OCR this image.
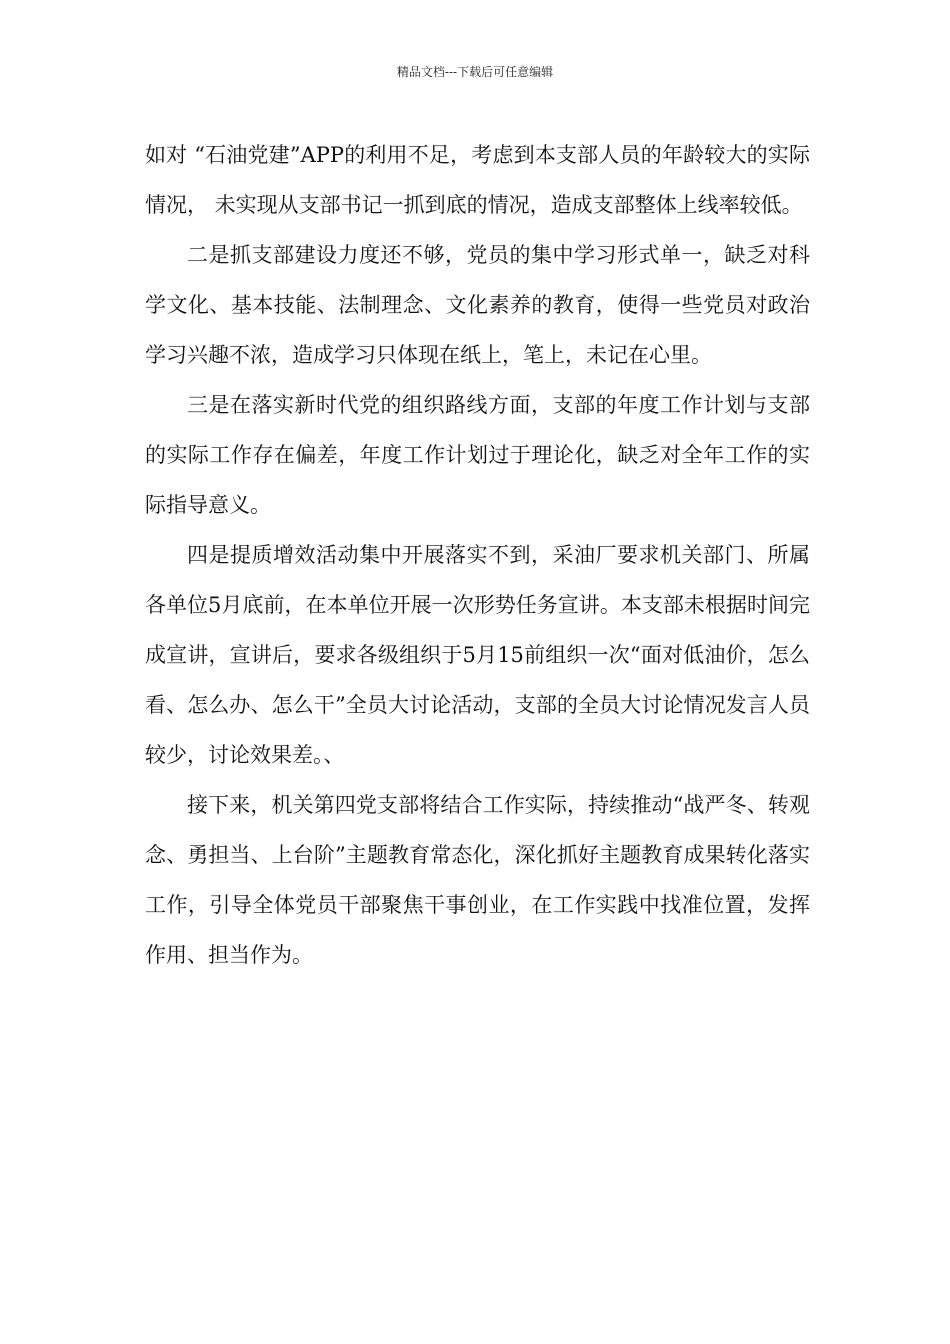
精品文档---下载后可任意编辑

如对 “石油党建”APP的利用不足，考虑到本支部人员的年龄较大的实际情况， 未实现从支部书记一抓到底的情况，造成支部整体上线率较低。

二是抓支部建设力度还不够，党员的集中学习形式单一，缺乏对科学文化、基本技能、法制理念、文化素养的教育，使得一些党员对政治学习兴趣不浓，造成学习只体现在纸上，笔上，未记在心里。

三是在落实新时代党的组织路线方面，支部的年度工作计划与支部的实际工作存在偏差，年度工作计划过于理论化，缺乏对全年工作的实际指导意义。

四是提质增效活动集中开展落实不到，采油厂要求机关部门、所属各单位5月底前，在本单位开展一次形势任务宣讲。本支部未根据时间完成宣讲，宣讲后，要求各级组织于5月15前组织一次“面对低油价，怎么看、怎么办、怎么干”全员大讨论活动，支部的全员大讨论情况发言人员较少，讨论效果差。、

接下来，机关第四党支部将结合工作实际，持续推动“战严冬、转观念、勇担当、上台阶”主题教育常态化，深化抓好主题教育成果转化落实工作，引导全体党员干部聚焦干事创业，在工作实践中找准位置，发挥作用、担当作为。
